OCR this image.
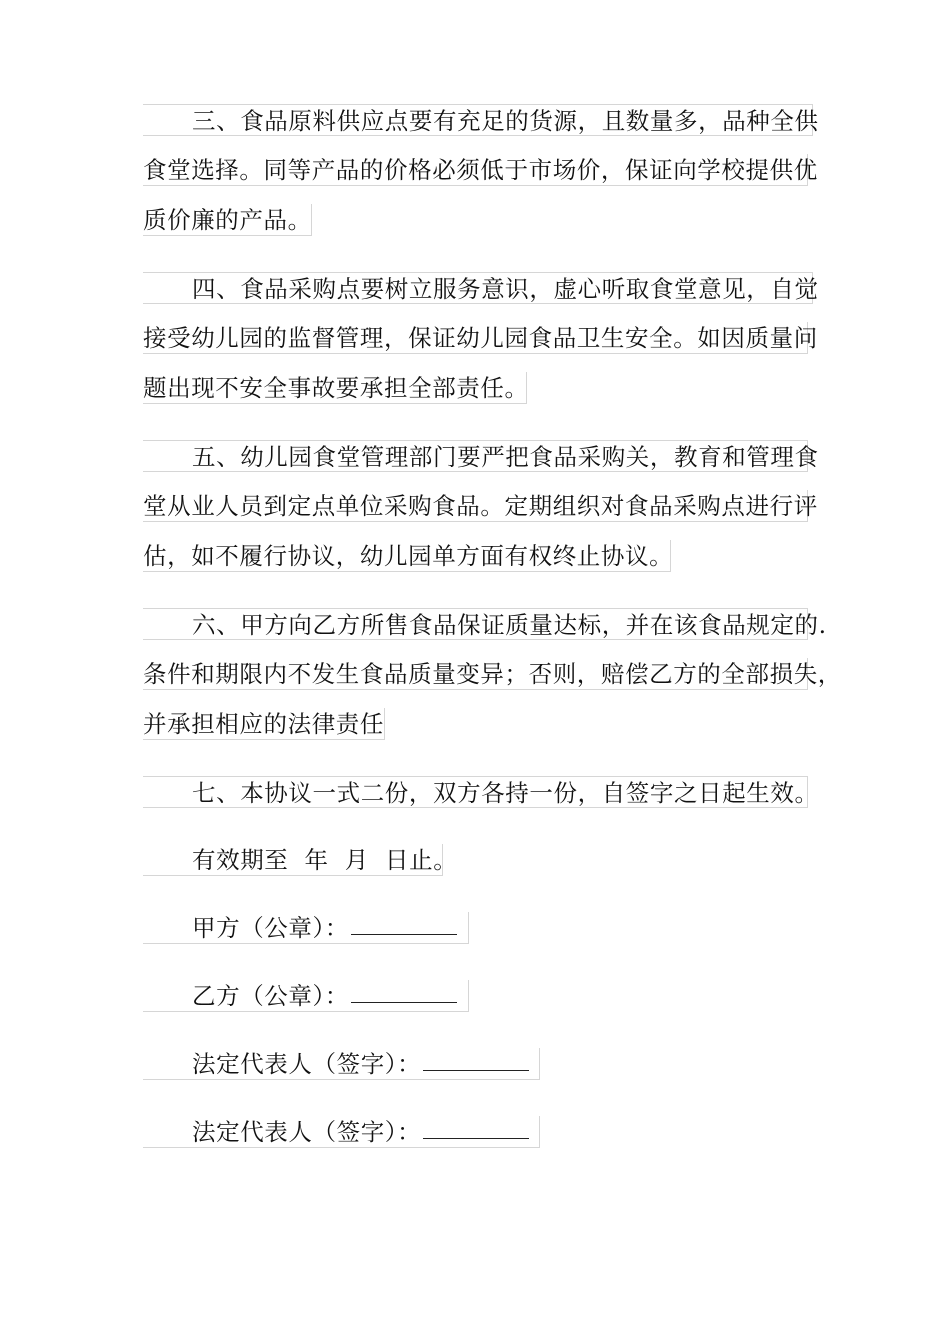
三、食品原料供应点要有充足的货源，且数量多，品种全供
食堂选择。同等产品的价格必须低于市场价，保证向学校提供优
质价廉的产品。
四、食品采购点要树立服务意识，虚心听取食堂意见，自觉
接受幼儿园的监督管理，保证幼儿园食品卫生安全。如因质量问
题出现不安全事故要承担全部责任。
五、幼儿园食堂管理部门要严把食品采购关，教育和管理食
堂从业人员到定点单位采购食品。定期组织对食品采购点进行评
估，如不履行协议，幼儿园单方面有权终止协议。
六、甲方向乙方所售食品保证质量达标，并在该食品规定的.
条件和期限内不发生食品质量变异；否则，赔偿乙方的全部损失，
并承担相应的法律责任
七、本协议一式二份，双方各持一份，自签字之日起生效。
有效期至  年  月  日止。
甲方（公章）：
乙方（公章）：
法定代表人（签字）：
法定代表人（签字）：
